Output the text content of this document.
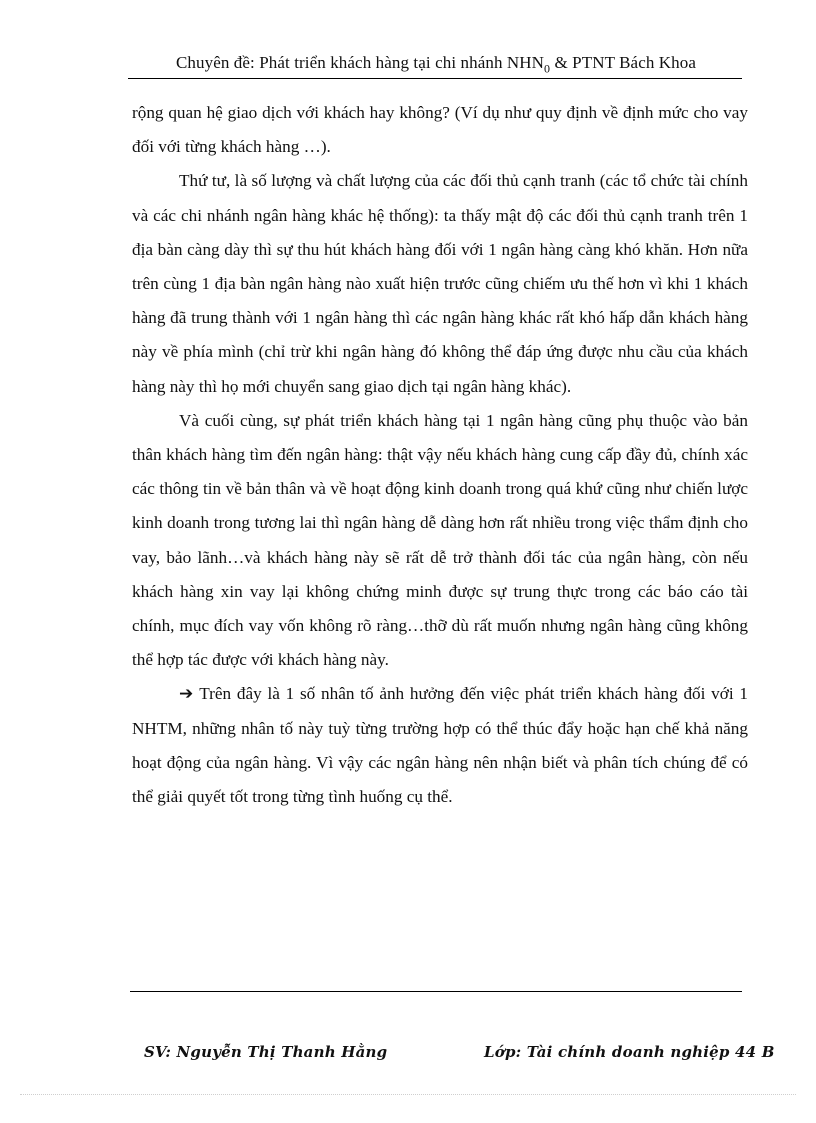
Chuyên đề: Phát triển khách hàng tại chi nhánh $NHN_0$ & PTNT Bách Khoa

rộng quan hệ giao dịch với khách hay không? (Ví dụ như quy định về định mức cho vay đối với từng khách hàng …).

Thứ tư, là số lượng và chất lượng của các đối thủ cạnh tranh (các tổ chức tài chính và các chi nhánh ngân hàng khác hệ thống): ta thấy mật độ các đối thủ cạnh tranh trên 1 địa bàn càng dày thì sự thu hút khách hàng đối với 1 ngân hàng càng khó khăn. Hơn nữa trên cùng 1 địa bàn ngân hàng nào xuất hiện trước cũng chiếm ưu thế hơn vì khi 1 khách hàng đã trung thành với 1 ngân hàng thì các ngân hàng khác rất khó hấp dẫn khách hàng này về phía mình (chỉ trừ khi ngân hàng đó không thể đáp ứng được nhu cầu của khách hàng này thì họ mới chuyển sang giao dịch tại ngân hàng khác).

Và cuối cùng, sự phát triển khách hàng tại 1 ngân hàng cũng phụ thuộc vào bản thân khách hàng tìm đến ngân hàng: thật vậy nếu khách hàng cung cấp đầy đủ, chính xác các thông tin về bản thân và về hoạt động kinh doanh trong quá khứ cũng như chiến lược kinh doanh trong tương lai thì ngân hàng dễ dàng hơn rất nhiều trong việc thẩm định cho vay, bảo lãnh…và khách hàng này sẽ rất dễ trở thành đối tác của ngân hàng, còn nếu khách hàng xin vay lại không chứng minh được sự trung thực trong các báo cáo tài chính, mục đích vay vốn không rõ ràng…thỡ dù rất muốn nhưng ngân hàng cũng không thể hợp tác được với khách hàng này.

➔ Trên đây là 1 số nhân tố ảnh hưởng đến việc phát triển khách hàng đối với 1 NHTM, những nhân tố này tuỳ từng trường hợp có thể thúc đẩy hoặc hạn chế khả năng hoạt động của ngân hàng. Vì vậy các ngân hàng nên nhận biết và phân tích chúng để có thể giải quyết tốt trong từng tình huống cụ thể.

SV: Nguyễn Thị Thanh Hằng	Lớp: Tài chính doanh nghiệp 44 B
